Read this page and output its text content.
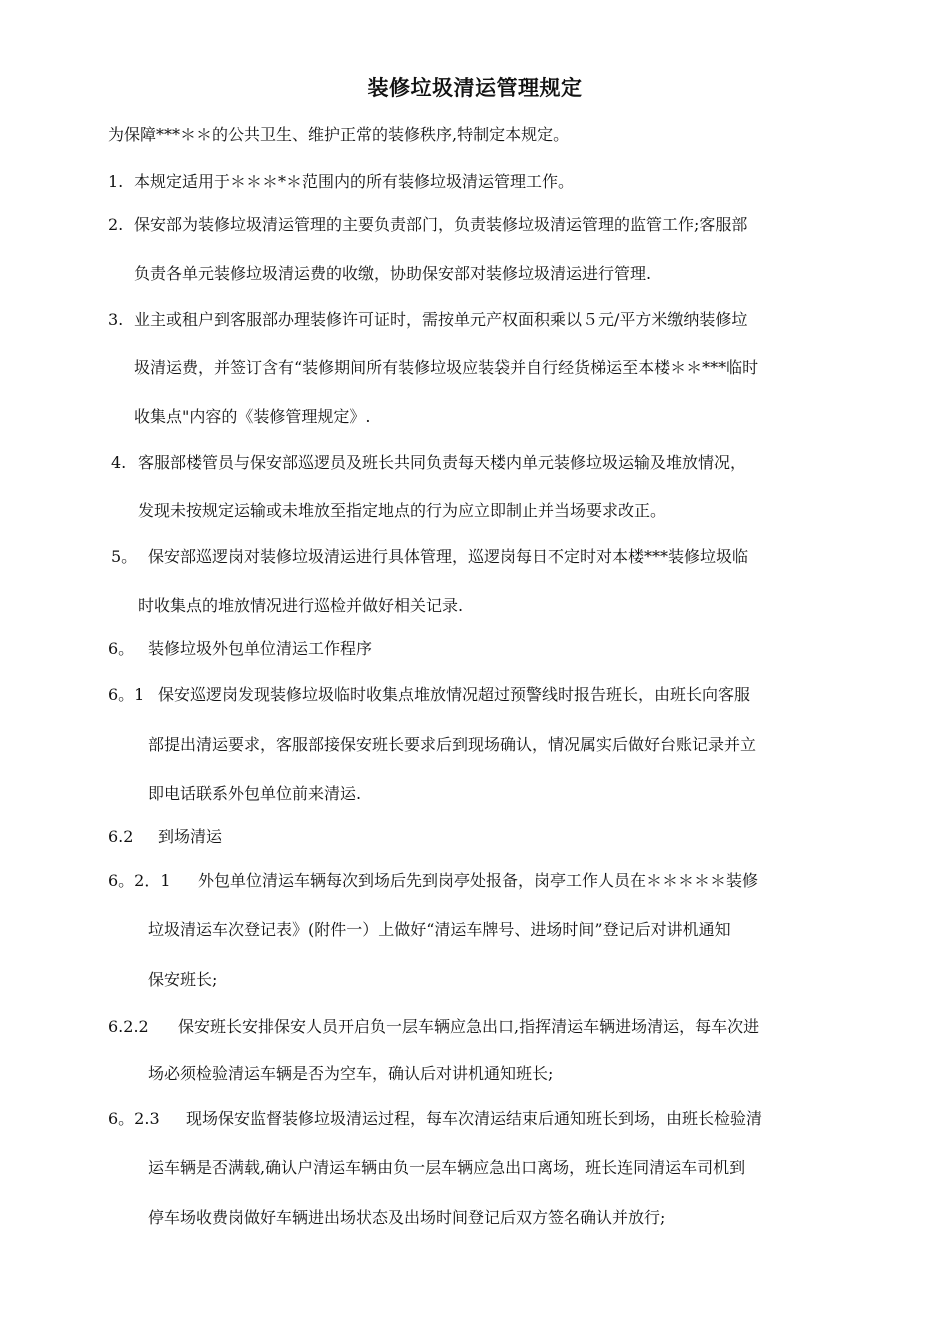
装修垃圾清运管理规定
为保障***＊＊的公共卫生、维护正常的装修秩序,特制定本规定。
1. 本规定适用于＊＊＊*＊范围内的所有装修垃圾清运管理工作。
2. 保安部为装修垃圾清运管理的主要负责部门，负责装修垃圾清运管理的监管工作;客服部
负责各单元装修垃圾清运费的收缴，协助保安部对装修垃圾清运进行管理.
3. 业主或租户到客服部办理装修许可证时，需按单元产权面积乘以５元/平方米缴纳装修垃
圾清运费，并签订含有“装修期间所有装修垃圾应装袋并自行经货梯运至本楼＊＊***临时
收集点"内容的《装修管理规定》.
4. 客服部楼管员与保安部巡逻员及班长共同负责每天楼内单元装修垃圾运输及堆放情况，
发现未按规定运输或未堆放至指定地点的行为应立即制止并当场要求改正。
5。 保安部巡逻岗对装修垃圾清运进行具体管理，巡逻岗每日不定时对本楼***装修垃圾临
时收集点的堆放情况进行巡检并做好相关记录.
6。 装修垃圾外包单位清运工作程序
6。1 保安巡逻岗发现装修垃圾临时收集点堆放情况超过预警线时报告班长，由班长向客服
部提出清运要求，客服部接保安班长要求后到现场确认，情况属实后做好台账记录并立
即电话联系外包单位前来清运.
6.2 到场清运
6。2．1 外包单位清运车辆每次到场后先到岗亭处报备，岗亭工作人员在＊＊＊＊＊装修
垃圾清运车次登记表》(附件一）上做好“清运车牌号、进场时间”登记后对讲机通知
保安班长;
6.2.2 保安班长安排保安人员开启负一层车辆应急出口,指挥清运车辆进场清运，每车次进
场必须检验清运车辆是否为空车，确认后对讲机通知班长;
6。2.3 现场保安监督装修垃圾清运过程，每车次清运结束后通知班长到场，由班长检验清
运车辆是否满载,确认户清运车辆由负一层车辆应急出口离场，班长连同清运车司机到
停车场收费岗做好车辆进出场状态及出场时间登记后双方签名确认并放行;
